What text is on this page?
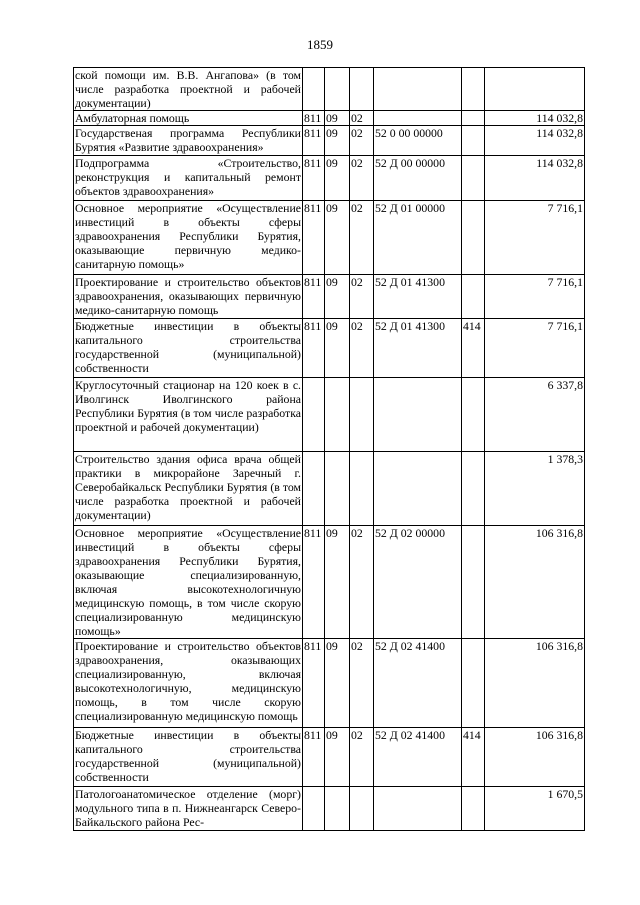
1859
ской помощи им. В.В. Ангапова» (в том числе разработка проектной и рабочей документации)						
Амбулаторная помощь	811	09	02			114 032,8
Государственая программа Республики Бурятия «Развитие здравоохранения»	811	09	02	52 0 00 00000		114 032,8
Подпрограмма «Строительство, реконструкция и капитальный ремонт объектов здравоохранения»	811	09	02	52 Д 00 00000		114 032,8
Основное мероприятие «Осуществление инвестиций в объекты сферы здравоохранения Республики Бурятия, оказывающие первичную медико-санитарную помощь»	811	09	02	52 Д 01 00000		7 716,1
Проектирование и строительство объектов здравоохранения, оказывающих первичную медико-санитарную помощь	811	09	02	52 Д 01 41300		7 716,1
Бюджетные инвестиции в объекты капитального строительства государственной (муниципальной) собственности	811	09	02	52 Д 01 41300	414	7 716,1
Круглосуточный стационар на 120 коек в с. Иволгинск Иволгинского района Республики Бурятия (в том числе разработка проектной и рабочей документации)						6 337,8
Строительство здания офиса врача общей практики в микрорайоне Заречный г. Северобайкальск Республики Бурятия (в том числе разработка проектной и рабочей документации)						1 378,3
Основное мероприятие «Осуществление инвестиций в объекты сферы здравоохранения Республики Бурятия, оказывающие специализированную, включая высокотехнологичную медицинскую помощь, в том числе скорую специализированную медицинскую помощь»	811	09	02	52 Д 02 00000		106 316,8
Проектирование и строительство объектов здравоохранения, оказывающих специализированную, включая высокотехнологичную, медицинскую помощь, в том числе скорую специализированную медицинскую помощь	811	09	02	52 Д 02 41400		106 316,8
Бюджетные инвестиции в объекты капитального строительства государственной (муниципальной) собственности	811	09	02	52 Д 02 41400	414	106 316,8
Патологоанатомическое отделение (морг) модульного типа в п. Нижнеангарск Северо-Байкальского района Рес-						1 670,5
